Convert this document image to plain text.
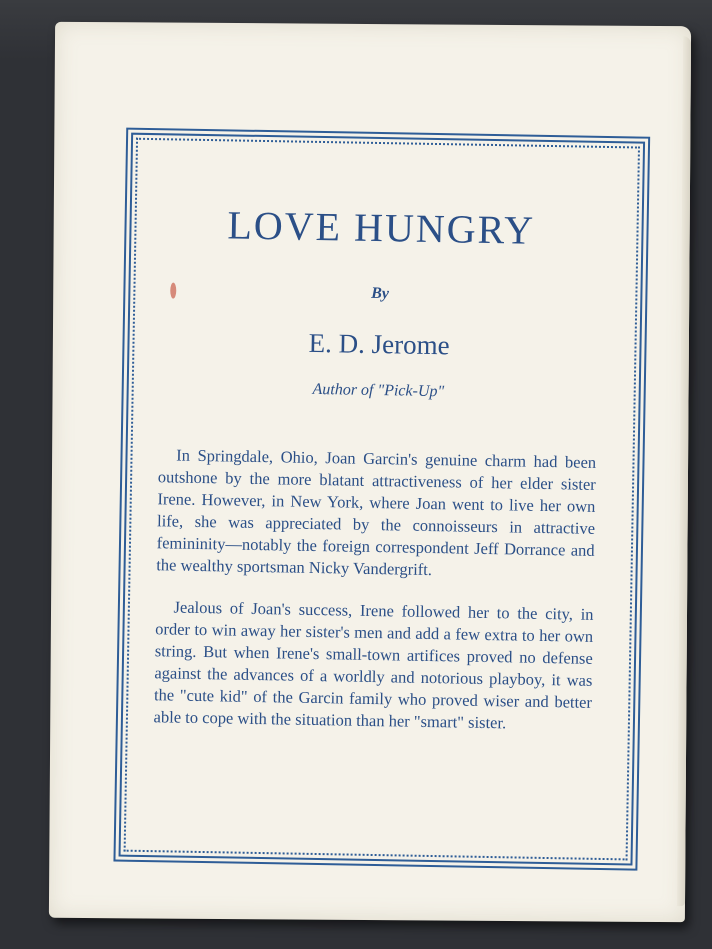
LOVE HUNGRY
By
E. D. Jerome
Author of "Pick-Up"

In Springdale, Ohio, Joan Garcin's genuine charm had been outshone by the more blatant attractiveness of her elder sister Irene. However, in New York, where Joan went to live her own life, she was appreciated by the connoisseurs in attractive femininity—notably the foreign correspondent Jeff Dorrance and the wealthy sportsman Nicky Vandergrift.

Jealous of Joan's success, Irene followed her to the city, in order to win away her sister's men and add a few extra to her own string. But when Irene's small-town artifices proved no defense against the advances of a worldly and notorious playboy, it was the "cute kid" of the Garcin family who proved wiser and better able to cope with the situation than her "smart" sister.
